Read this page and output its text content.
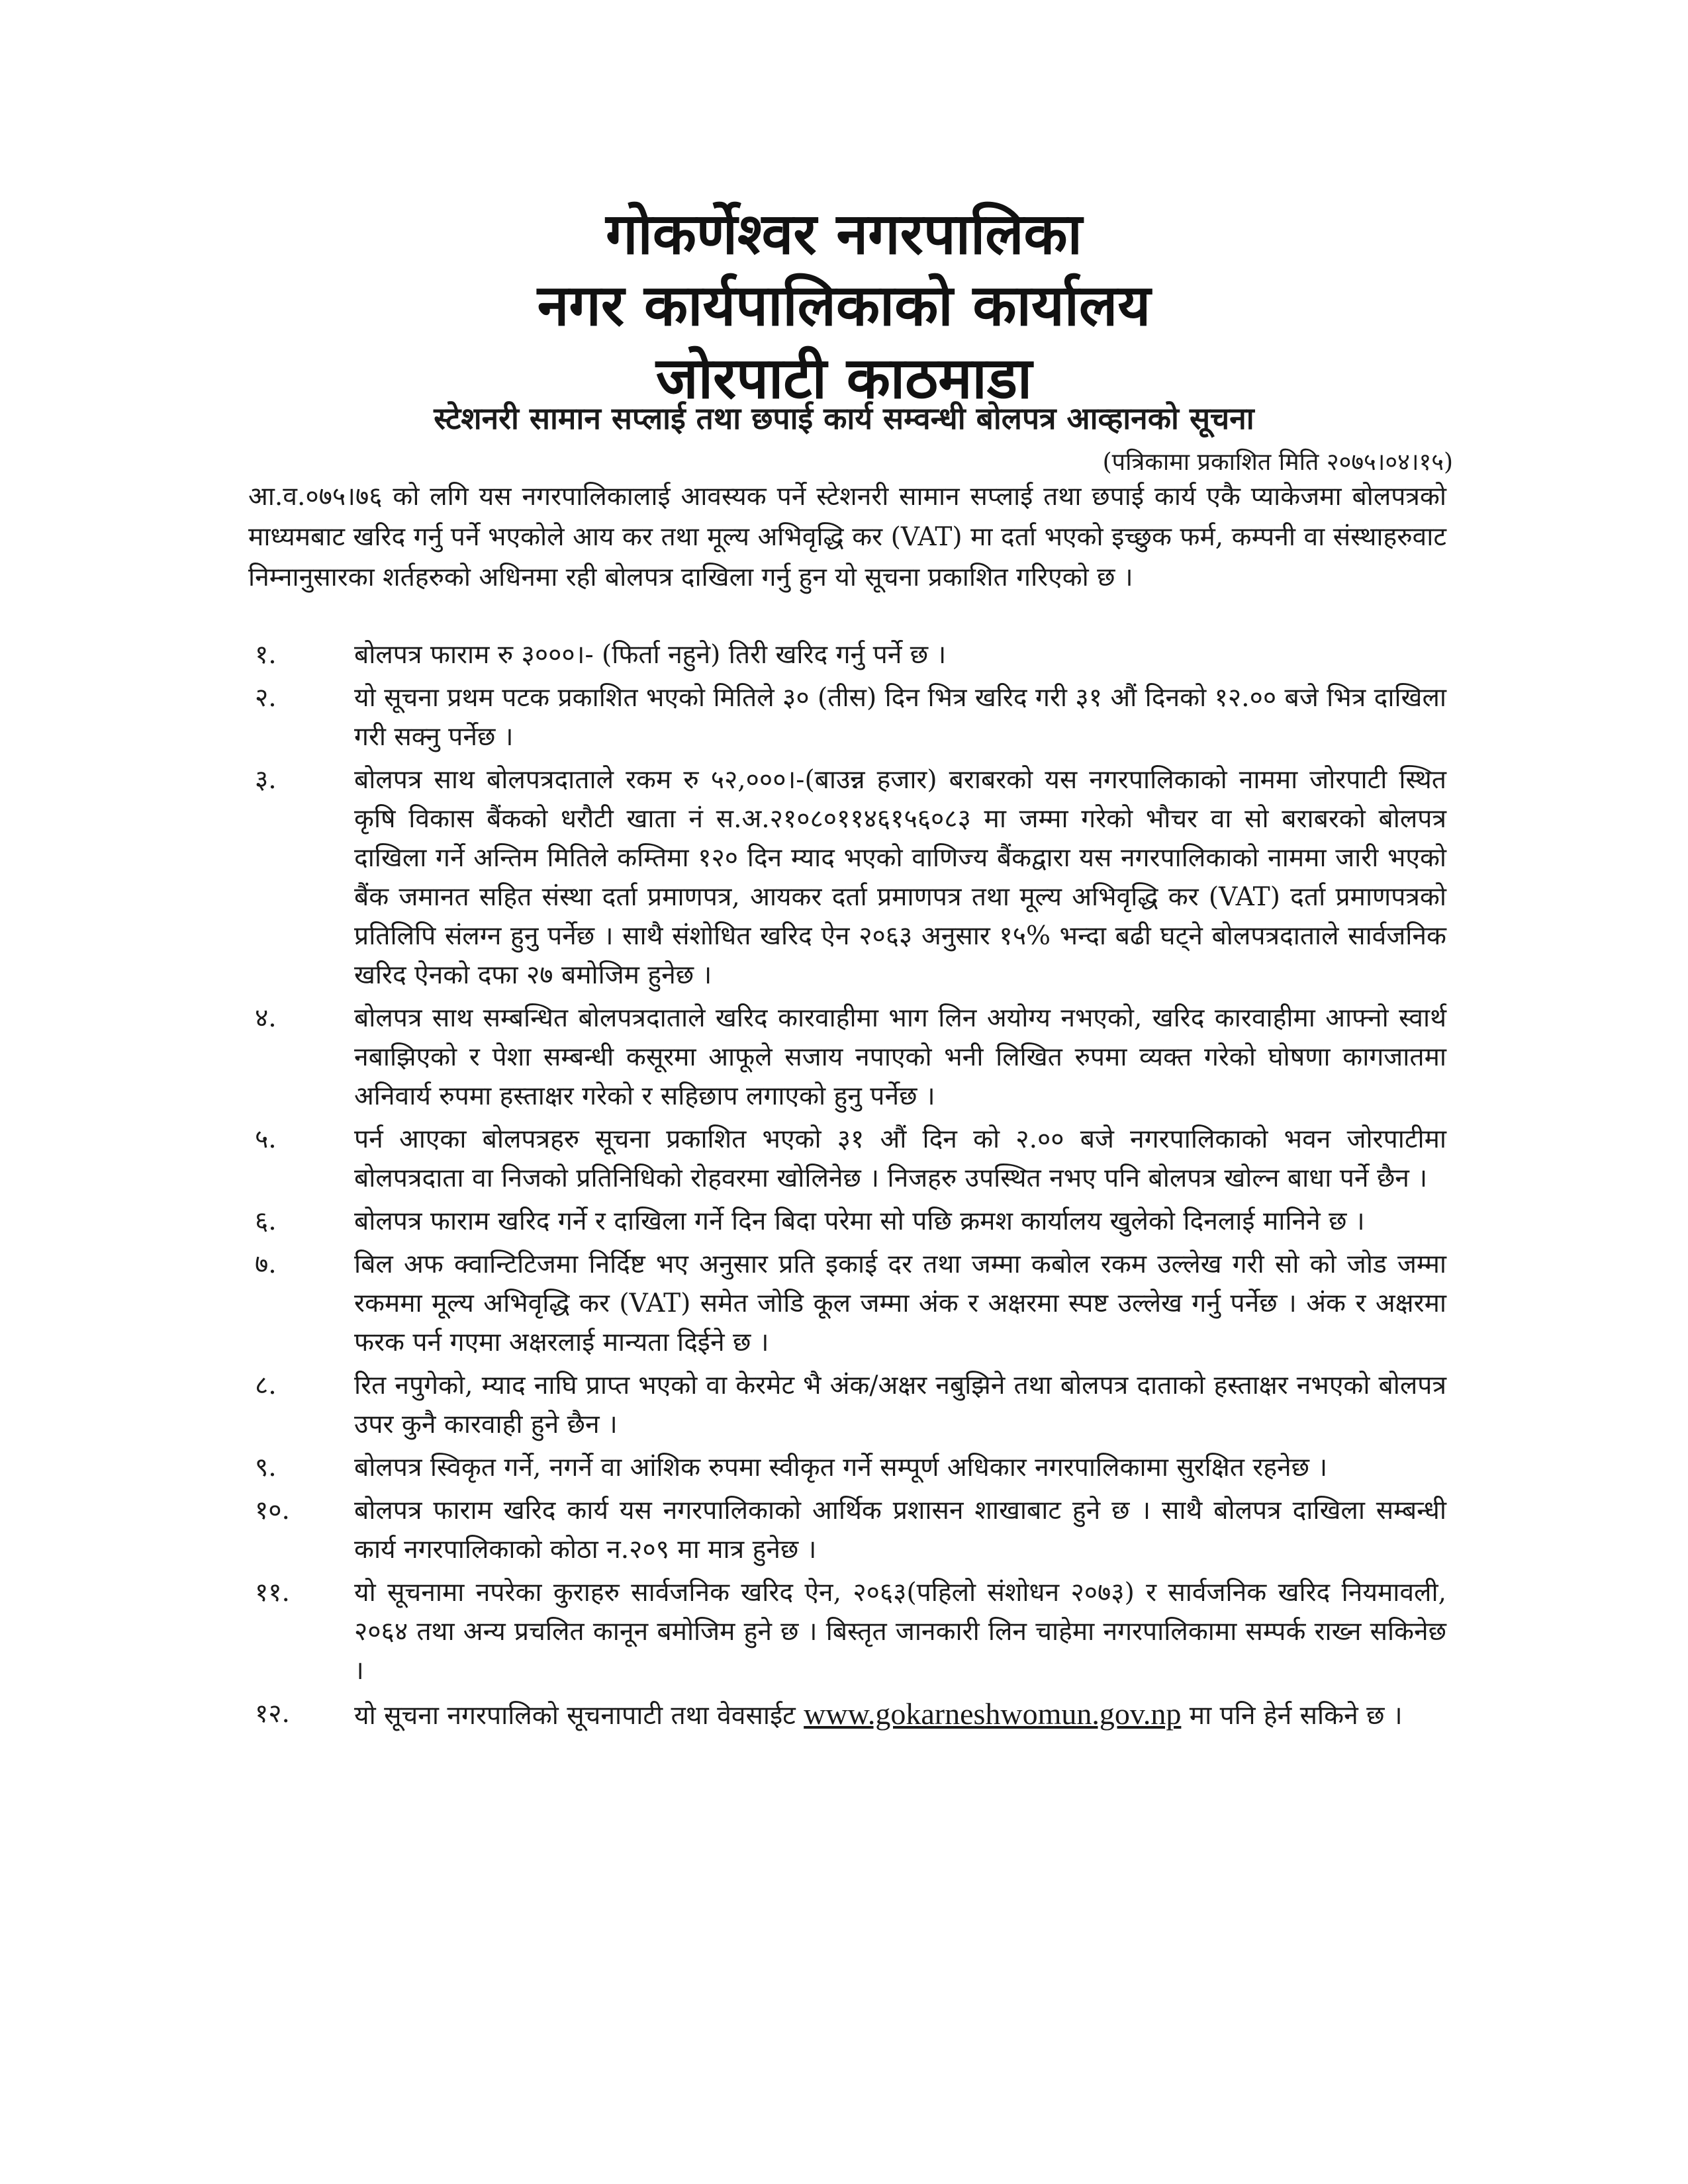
गोकर्णेश्वर नगरपालिका
नगर कार्यपालिकाको कार्यालय
जोरपाटी काठमाडा
स्टेशनरी सामान सप्लाई तथा छपाई कार्य सम्वन्धी बोलपत्र आव्हानको सूचना
(पत्रिकामा प्रकाशित मिति २०७५।०४।१५)
आ.व.०७५।७६ को लगि यस नगरपालिकालाई आवस्यक पर्ने स्टेशनरी सामान सप्लाई तथा छपाई कार्य एकै प्याकेजमा बोलपत्रको माध्यमबाट खरिद गर्नु पर्ने भएकोले आय कर तथा मूल्य अभिवृद्धि कर (VAT) मा दर्ता भएको इच्छुक फर्म, कम्पनी वा संस्थाहरुवाट निम्नानुसारका शर्तहरुको अधिनमा रही बोलपत्र दाखिला गर्नु हुन यो सूचना प्रकाशित गरिएको छ ।
१.	बोलपत्र फाराम रु ३०००।- (फिर्ता नहुने) तिरी खरिद गर्नु पर्ने छ ।
२.	यो सूचना प्रथम पटक प्रकाशित भएको मितिले ३० (तीस) दिन भित्र खरिद गरी ३१ औं दिनको १२.०० बजे भित्र दाखिला गरी सक्नु पर्नेछ ।
३.	बोलपत्र साथ बोलपत्रदाताले रकम रु ५२,०००।-(बाउन्न हजार) बराबरको यस नगरपालिकाको नाममा जोरपाटी स्थित कृषि विकास बैंकको धरौटी खाता नं स.अ.२१०८०११४६१५६०८३ मा जम्मा गरेको भौचर वा सो बराबरको बोलपत्र दाखिला गर्ने अन्तिम मितिले कम्तिमा १२० दिन म्याद भएको वाणिज्य बैंकद्वारा यस नगरपालिकाको नाममा जारी भएको बैंक जमानत सहित संस्था दर्ता प्रमाणपत्र, आयकर दर्ता प्रमाणपत्र तथा मूल्य अभिवृद्धि कर (VAT) दर्ता प्रमाणपत्रको प्रतिलिपि संलग्न हुनु पर्नेछ । साथै संशोधित खरिद ऐन २०६३ अनुसार १५% भन्दा बढी घट्ने बोलपत्रदाताले सार्वजनिक खरिद ऐनको दफा २७ बमोजिम हुनेछ ।
४.	बोलपत्र साथ सम्बन्धित बोलपत्रदाताले खरिद कारवाहीमा भाग लिन अयोग्य नभएको, खरिद कारवाहीमा आफ्नो स्वार्थ नबाझिएको र पेशा सम्बन्धी कसूरमा आफूले सजाय नपाएको भनी लिखित रुपमा व्यक्त गरेको घोषणा कागजातमा अनिवार्य रुपमा हस्ताक्षर गरेको र सहिछाप लगाएको हुनु पर्नेछ ।
५.	पर्न आएका बोलपत्रहरु सूचना प्रकाशित भएको ३१ औं दिन को २.०० बजे नगरपालिकाको भवन जोरपाटीमा बोलपत्रदाता वा निजको प्रतिनिधिको रोहवरमा खोलिनेछ । निजहरु उपस्थित नभए पनि बोलपत्र खोल्न बाधा पर्ने छैन ।
६.	बोलपत्र फाराम खरिद गर्ने र दाखिला गर्ने दिन बिदा परेमा सो पछि क्रमश कार्यालय खुलेको दिनलाई मानिने छ ।
७.	बिल अफ क्वान्टिटिजमा निर्दिष्ट भए अनुसार प्रति इकाई दर तथा जम्मा कबोल रकम उल्लेख गरी सो को जोड जम्मा रकममा मूल्य अभिवृद्धि कर (VAT) समेत जोडि कूल जम्मा अंक र अक्षरमा स्पष्ट उल्लेख गर्नु पर्नेछ । अंक र अक्षरमा फरक पर्न गएमा अक्षरलाई मान्यता दिईने छ ।
८.	रित नपुगेको, म्याद नाघि प्राप्त भएको वा केरमेट भै अंक/अक्षर नबुझिने तथा बोलपत्र दाताको हस्ताक्षर नभएको बोलपत्र उपर कुनै कारवाही हुने छैन ।
९.	बोलपत्र स्विकृत गर्ने, नगर्ने वा आंशिक रुपमा स्वीकृत गर्ने सम्पूर्ण अधिकार नगरपालिकामा सुरक्षित रहनेछ ।
१०. बोलपत्र फाराम खरिद कार्य यस नगरपालिकाको आर्थिक प्रशासन शाखाबाट हुने छ । साथै बोलपत्र दाखिला सम्बन्धी कार्य नगरपालिकाको कोठा न.२०९ मा मात्र हुनेछ ।
११. यो सूचनामा नपरेका कुराहरु सार्वजनिक खरिद ऐन, २०६३(पहिलो संशोधन २०७३) र सार्वजनिक खरिद नियमावली, २०६४ तथा अन्य प्रचलित कानून बमोजिम हुने छ । बिस्तृत जानकारी लिन चाहेमा नगरपालिकामा सम्पर्क राख्न सकिनेछ ।
१२. यो सूचना नगरपालिको सूचनापाटी तथा वेवसाईट www.gokarneshwomun.gov.np मा पनि हेर्न सकिने छ ।
